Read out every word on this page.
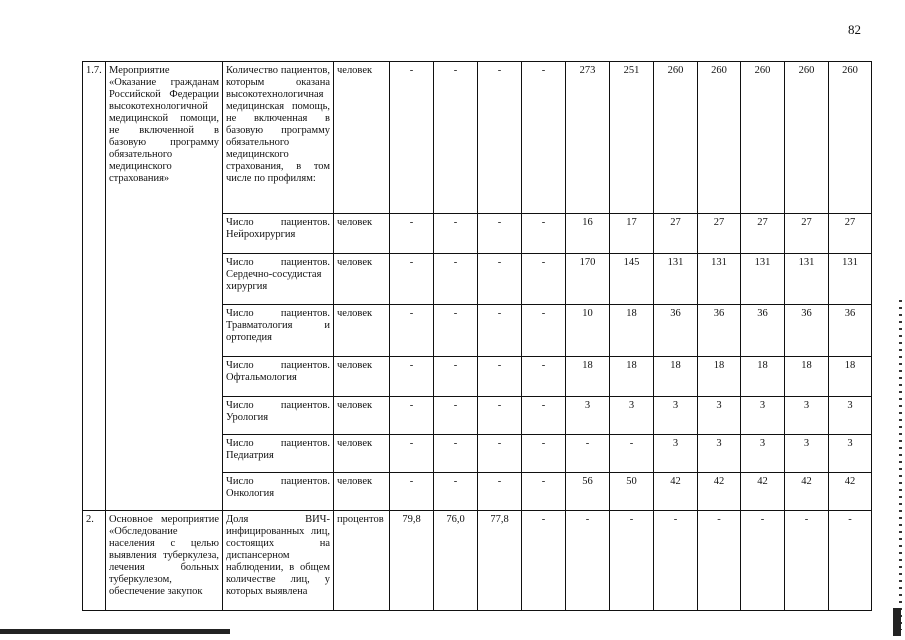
82
1.7.	Мероприятие «Оказание гражданам Российской Федерации высокотехнологичной медицинской помощи, не включенной в базовую программу обязательного медицинского страхования»	Количество пациентов, которым оказана высокотехнологичная медицинская помощь, не включенная в базовую программу обязательного медицинского страхования, в том числе по профилям:	человек	-	-	-	-	273	251	260	260	260	260	260
		Число пациентов. Нейрохирургия	человек	-	-	-	-	16	17	27	27	27	27	27
		Число пациентов. Сердечно-сосудистая хирургия	человек	-	-	-	-	170	145	131	131	131	131	131
		Число пациентов. Травматология и ортопедия	человек	-	-	-	-	10	18	36	36	36	36	36
		Число пациентов. Офтальмология	человек	-	-	-	-	18	18	18	18	18	18	18
		Число пациентов. Урология	человек	-	-	-	-	3	3	3	3	3	3	3
		Число пациентов. Педиатрия	человек	-	-	-	-	-	-	3	3	3	3	3
		Число пациентов. Онкология	человек	-	-	-	-	56	50	42	42	42	42	42
2.	Основное мероприятие «Обследование населения с целью выявления туберкулеза, лечения больных туберкулезом, обеспечение закупок	Доля ВИЧ-инфицированных лиц, состоящих на диспансерном наблюдении, в общем количестве лиц, у которых выявлена	процентов	79,8	76,0	77,8	-	-	-	-	-	-	-	-
